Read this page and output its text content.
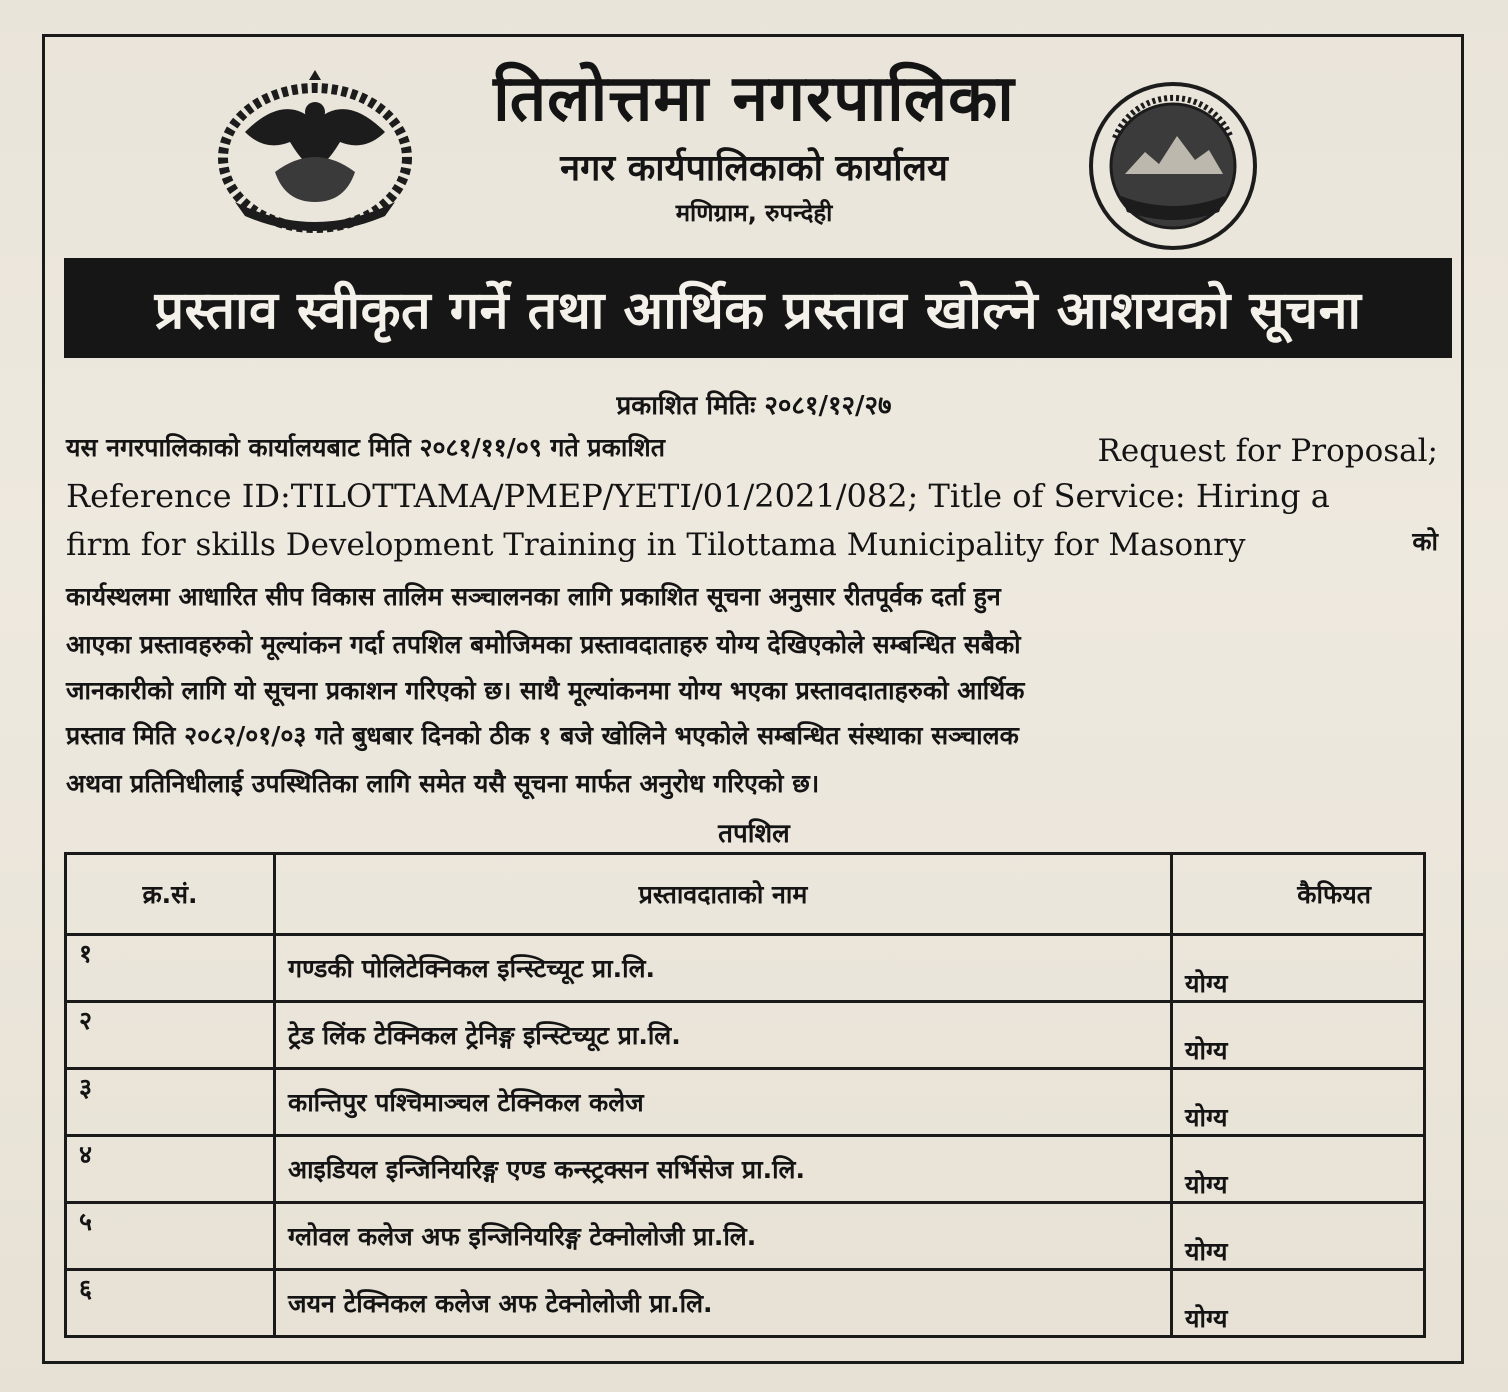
तिलोत्तमा नगरपालिका
नगर कार्यपालिकाको कार्यालय
मणिग्राम, रुपन्देही
प्रस्ताव स्वीकृत गर्ने तथा आर्थिक प्रस्ताव खोल्ने आशयको सूचना
प्रकाशित मितिः २०८१/१२/२७
यस नगरपालिकाको कार्यालयबाट मिति २०८१/११/०९ गते प्रकाशित	Request for Proposal;
Reference ID:TILOTTAMA/PMEP/YETI/01/2021/082; Title of Service: Hiring a
firm for skills Development Training in Tilottama Municipality for Masonry	को
कार्यस्थलमा आधारित सीप विकास तालिम सञ्चालनका लागि प्रकाशित सूचना अनुसार रीतपूर्वक दर्ता हुन
आएका प्रस्तावहरुको मूल्यांकन गर्दा तपशिल बमोजिमका प्रस्तावदाताहरु योग्य देखिएकोले सम्बन्धित सबैको
जानकारीको लागि यो सूचना प्रकाशन गरिएको छ। साथै मूल्यांकनमा योग्य भएका प्रस्तावदाताहरुको आर्थिक
प्रस्ताव मिति २०८२/०१/०३ गते बुधबार दिनको ठीक १ बजे खोलिने भएकोले सम्बन्धित संस्थाका सञ्चालक
अथवा प्रतिनिधीलाई उपस्थितिका लागि समेत यसै सूचना मार्फत अनुरोध गरिएको छ।
तपशिल
क्र.सं.	प्रस्तावदाताको नाम	कैफियत
१	गण्डकी पोलिटेक्निकल इन्स्टिच्यूट प्रा.लि.	योग्य
२	ट्रेड लिंक टेक्निकल ट्रेनिङ्ग इन्स्टिच्यूट प्रा.लि.	योग्य
३	कान्तिपुर पश्चिमाञ्चल टेक्निकल कलेज	योग्य
४	आइडियल इन्जिनियरिङ्ग एण्ड कन्स्ट्रक्सन सर्भिसेज प्रा.लि.	योग्य
५	ग्लोवल कलेज अफ इन्जिनियरिङ्ग टेक्नोलोजी प्रा.लि.	योग्य
६	जयन टेक्निकल कलेज अफ टेक्नोलोजी प्रा.लि.	योग्य
